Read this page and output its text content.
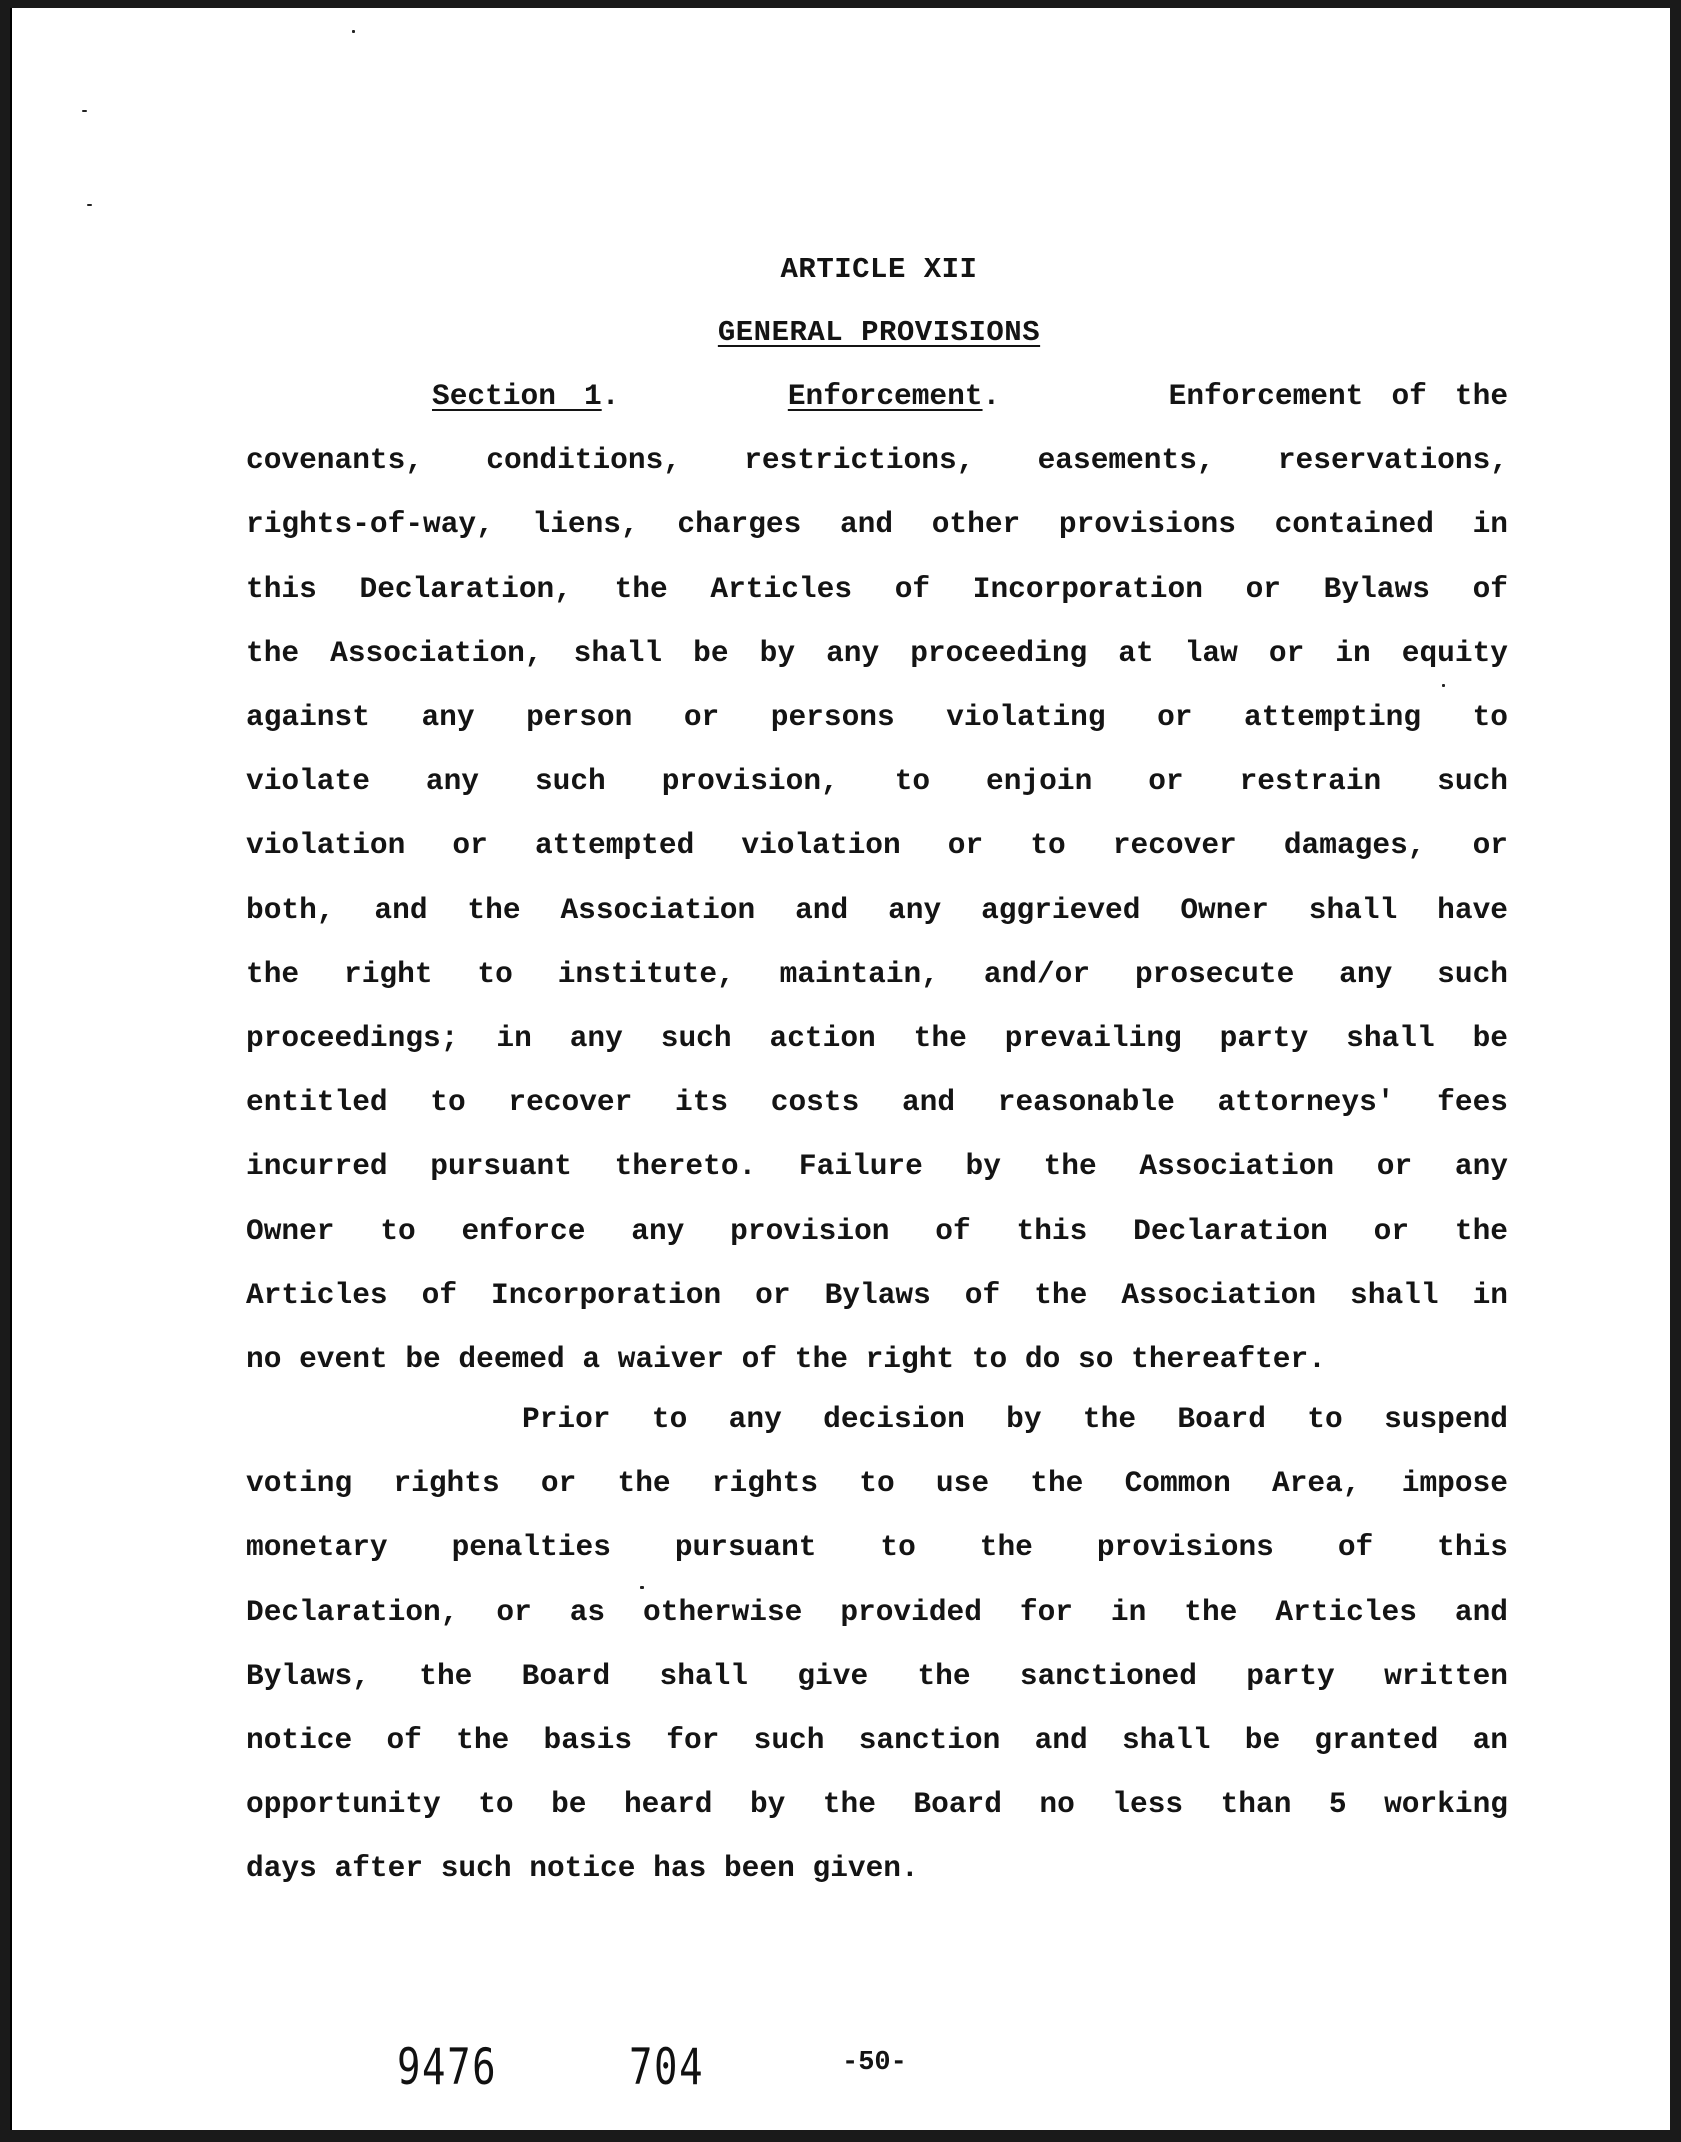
ARTICLE XII
GENERAL PROVISIONS
Section 1.	Enforcement.	Enforcement of the
covenants, conditions, restrictions, easements, reservations,
rights-of-way, liens, charges and other provisions contained in
this Declaration, the Articles of Incorporation or Bylaws of
the Association, shall be by any proceeding at law or in equity
against any person or persons violating or attempting to
violate any such provision, to enjoin or restrain such
violation or attempted violation or to recover damages, or
both, and the Association and any aggrieved Owner shall have
the right to institute, maintain, and/or prosecute any such
proceedings; in any such action the prevailing party shall be
entitled to recover its costs and reasonable attorneys' fees
incurred pursuant thereto. Failure by the Association or any
Owner to enforce any provision of this Declaration or the
Articles of Incorporation or Bylaws of the Association shall in
no event be deemed a waiver of the right to do so thereafter.
Prior to any decision by the Board to suspend
voting rights or the rights to use the Common Area, impose
monetary penalties pursuant to the provisions of this
Declaration, or as otherwise provided for in the Articles and
Bylaws, the Board shall give the sanctioned party written
notice of the basis for such sanction and shall be granted an
opportunity to be heard by the Board no less than 5 working
days after such notice has been given.
9476	704	-50-
